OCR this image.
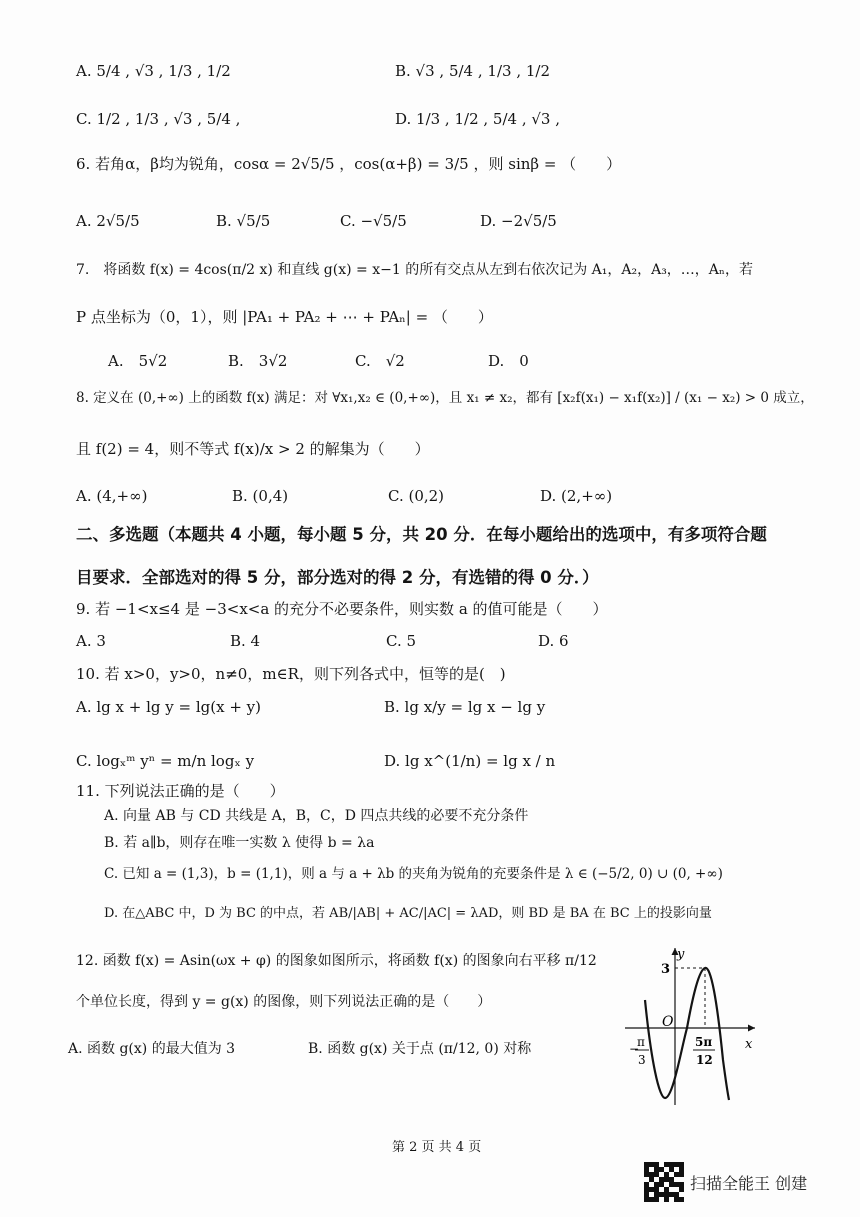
A. 5/4 , √3 , 1/3 , 1/2	B. √3 , 5/4 , 1/3 , 1/2
C. 1/2 , 1/3 , √3 , 5/4 ,	D. 1/3 , 1/2 , 5/4 , √3 ,
6. 若角α，β均为锐角，cosα = 2√5/5 ，cos(α+β) = 3/5 ，则 sinβ = （　　）
A. 2√5/5	B. √5/5	C. −√5/5	D. −2√5/5
7.　将函数 f(x) = 4cos(π/2 x) 和直线 g(x) = x−1 的所有交点从左到右依次记为 A₁，A₂，A₃，…，Aₙ，若
P 点坐标为（0，1），则 |PA₁ + PA₂ + ⋯ + PAₙ| = （　　）
A.　5√2	B.　3√2	C.　√2	D.　0
8. 定义在 (0,+∞) 上的函数 f(x) 满足：对 ∀x₁,x₂ ∈ (0,+∞)，且 x₁ ≠ x₂，都有 [x₂f(x₁) − x₁f(x₂)] / (x₁ − x₂) > 0 成立，
且 f(2) = 4，则不等式 f(x)/x > 2 的解集为（　　）
A. (4,+∞)	B. (0,4)	C. (0,2)	D. (2,+∞)
二、多选题（本题共 4 小题，每小题 5 分，共 20 分．在每小题给出的选项中，有多项符合题
目要求．全部选对的得 5 分，部分选对的得 2 分，有选错的得 0 分．）
9. 若 −1<x≤4 是 −3<x<a 的充分不必要条件，则实数 a 的值可能是（　　）
A. 3	B. 4	C. 5	D. 6
10. 若 x>0，y>0，n≠0，m∈R，则下列各式中，恒等的是(　)
A. lg x + lg y = lg(x + y)	B. lg x/y = lg x − lg y
C. logₓᵐ yⁿ = m/n logₓ y	D. lg x^(1/n) = lg x / n
11. 下列说法正确的是（　　）
A. 向量 AB 与 CD 共线是 A，B，C，D 四点共线的必要不充分条件
B. 若 a∥b，则存在唯一实数 λ 使得 b = λa
C. 已知 a = (1,3)，b = (1,1)，则 a 与 a + λb 的夹角为锐角的充要条件是 λ ∈ (−5/2, 0) ∪ (0, +∞)
D. 在△ABC 中，D 为 BC 的中点，若 AB/|AB| + AC/|AC| = λAD，则 BD 是 BA 在 BC 上的投影向量
12. 函数 f(x) = Asin(ωx + φ) 的图象如图所示，将函数 f(x) 的图象向右平移 π/12
个单位长度，得到 y = g(x) 的图像，则下列说法正确的是（　　）
A. 函数 g(x) 的最大值为 3	B. 函数 g(x) 关于点 (π/12, 0) 对称
y
x
O
3
−
π
3
5π
12
第 2 页 共 4 页
扫描全能王 创建
